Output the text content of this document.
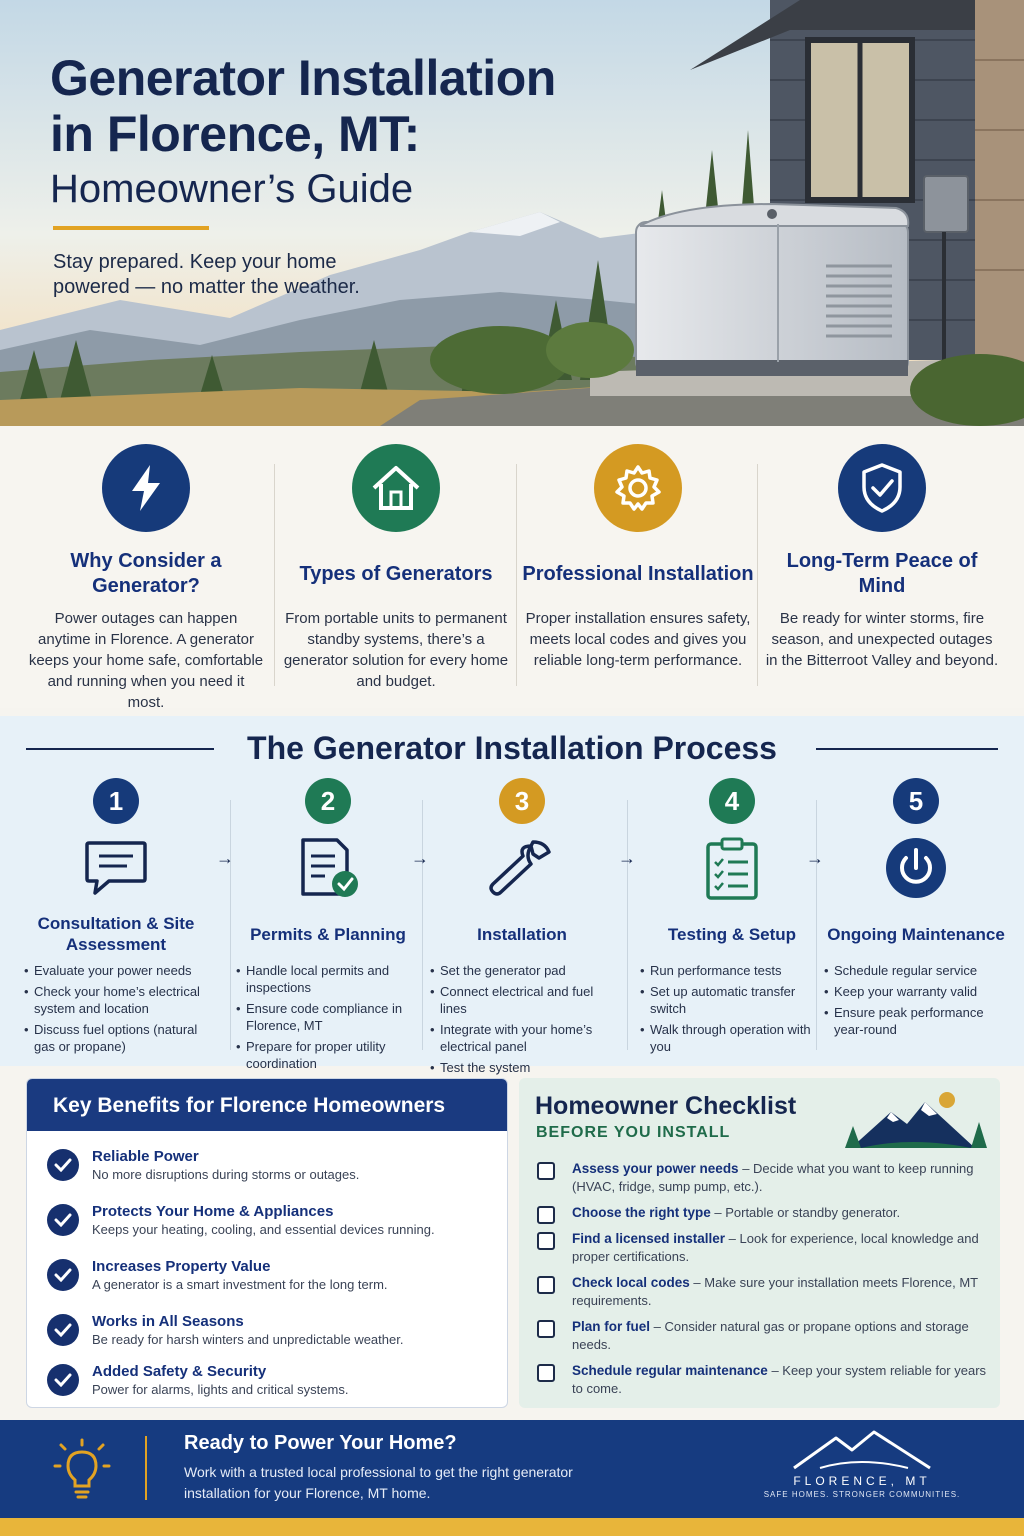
Generator Installation
in Florence, MT:
Homeowner’s Guide
Stay prepared. Keep your home powered — no matter the weather.
Why Consider a Generator?

Power outages can happen anytime in Florence. A generator keeps your home safe, comfortable and running when you need it most.

Types of Generators

From portable units to permanent standby systems, there’s a generator solution for every home and budget.

Professional Installation

Proper installation ensures safety, meets local codes and gives you reliable long-term performance.

Long-Term Peace of Mind

Be ready for winter storms, fire season, and unexpected outages in the Bitterroot Valley and beyond.

The Generator Installation Process
1
Consultation & Site Assessment
• Evaluate your power needs
• Check your home’s electrical system and location
• Discuss fuel options (natural gas or propane)
→
2
Permits & Planning
• Handle local permits and inspections
• Ensure code compliance in Florence, MT
• Prepare for proper utility coordination
→
3
Installation
• Set the generator pad
• Connect electrical and fuel lines
• Integrate with your home’s electrical panel
• Test the system
→
4
Testing & Setup
• Run performance tests
• Set up automatic transfer switch
• Walk through operation with you
→
5
Ongoing Maintenance
• Schedule regular service
• Keep your warranty valid
• Ensure peak performance year-round
Key Benefits for Florence Homeowners
Reliable Power
No more disruptions during storms or outages.
Protects Your Home & Appliances
Keeps your heating, cooling, and essential devices running.
Increases Property Value
A generator is a smart investment for the long term.
Works in All Seasons
Be ready for harsh winters and unpredictable weather.
Added Safety & Security
Power for alarms, lights and critical systems.
Homeowner Checklist
BEFORE YOU INSTALL
Assess your power needs – Decide what you want to keep running (HVAC, fridge, sump pump, etc.).
Choose the right type – Portable or standby generator.
Find a licensed installer – Look for experience, local knowledge and proper certifications.
Check local codes – Make sure your installation meets Florence, MT requirements.
Plan for fuel – Consider natural gas or propane options and storage needs.
Schedule regular maintenance – Keep your system reliable for years to come.
Ready to Power Your Home?
Work with a trusted local professional to get the right generator installation for your Florence, MT home.
FLORENCE, MT
SAFE HOMES. STRONGER COMMUNITIES.
